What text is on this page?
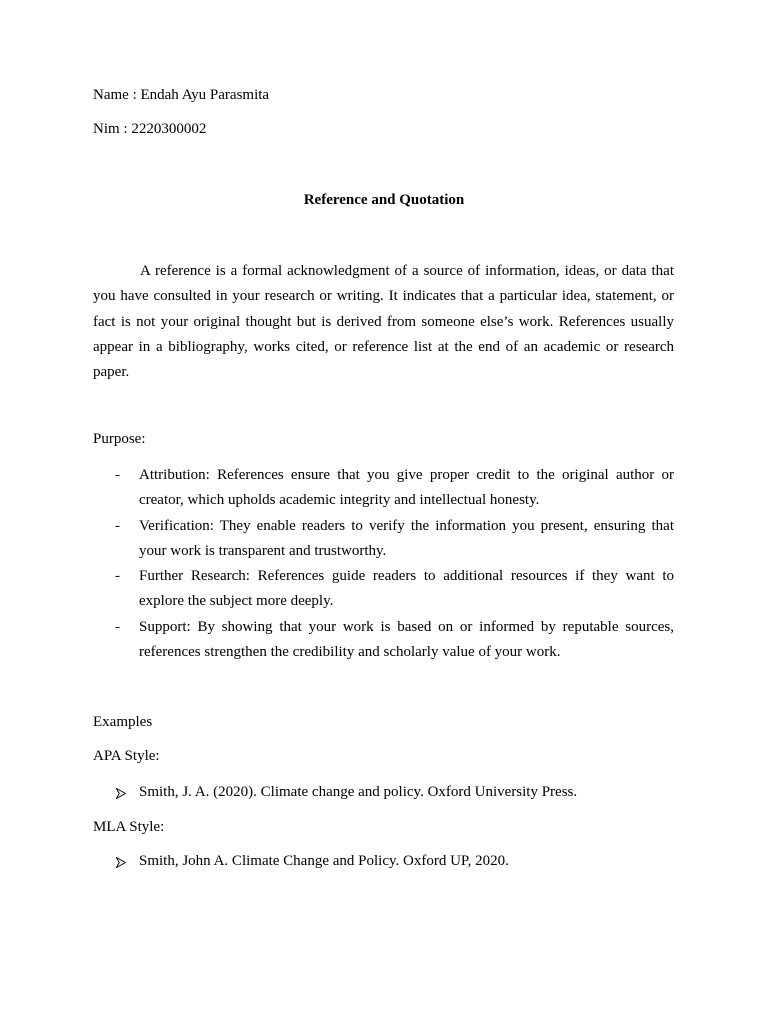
Name : Endah Ayu Parasmita

Nim : 2220300002

Reference and Quotation

A reference is a formal acknowledgment of a source of information, ideas, or data that you have consulted in your research or writing. It indicates that a particular idea, statement, or fact is not your original thought but is derived from someone else’s work. References usually appear in a bibliography, works cited, or reference list at the end of an academic or research paper.

Purpose:

- Attribution: References ensure that you give proper credit to the original author or creator, which upholds academic integrity and intellectual honesty.
- Verification: They enable readers to verify the information you present, ensuring that your work is transparent and trustworthy.
- Further Research: References guide readers to additional resources if they want to explore the subject more deeply.
- Support: By showing that your work is based on or informed by reputable sources, references strengthen the credibility and scholarly value of your work.

Examples

APA Style:

Smith, J. A. (2020). Climate change and policy. Oxford University Press.

MLA Style:

Smith, John A. Climate Change and Policy. Oxford UP, 2020.
